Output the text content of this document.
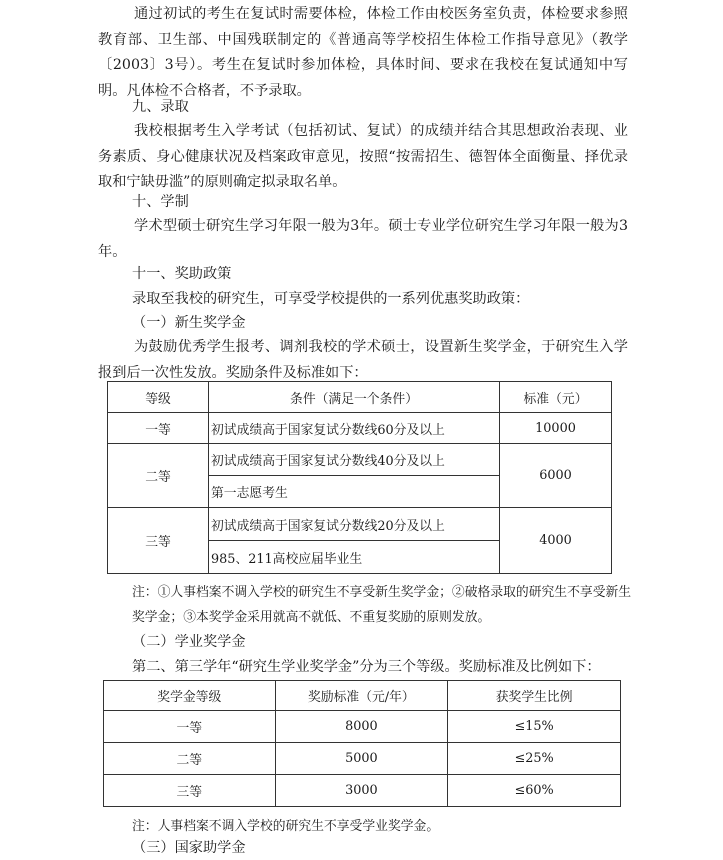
通过初试的考生在复试时需要体检，体检工作由校医务室负责，体检要求参照教育部、卫生部、中国残联制定的《普通高等学校招生体检工作指导意见》（教学〔2003〕3号）。考生在复试时参加体检，具体时间、要求在我校在复试通知中写明。凡体检不合格者，不予录取。

九、录取

我校根据考生入学考试（包括初试、复试）的成绩并结合其思想政治表现、业务素质、身心健康状况及档案政审意见，按照“按需招生、德智体全面衡量、择优录取和宁缺毋滥”的原则确定拟录取名单。

十、学制

学术型硕士研究生学习年限一般为3年。硕士专业学位研究生学习年限一般为3年。

十一、奖助政策

录取至我校的研究生，可享受学校提供的一系列优惠奖助政策：

（一）新生奖学金

为鼓励优秀学生报考、调剂我校的学术硕士，设置新生奖学金，于研究生入学报到后一次性发放。奖励条件及标准如下：

等级	条件（满足一个条件）	标准（元）
一等	初试成绩高于国家复试分数线60分及以上	10000
二等	初试成绩高于国家复试分数线40分及以上	6000
	第一志愿考生	
三等	初试成绩高于国家复试分数线20分及以上	4000
	985、211高校应届毕业生	

注：①人事档案不调入学校的研究生不享受新生奖学金；②破格录取的研究生不享受新生奖学金；③本奖学金采用就高不就低、不重复奖励的原则发放。

（二）学业奖学金

第二、第三学年“研究生学业奖学金”分为三个等级。奖励标准及比例如下：

奖学金等级	奖励标准（元/年）	获奖学生比例
一等	8000	≤15%
二等	5000	≤25%
三等	3000	≤60%

注：人事档案不调入学校的研究生不享受学业奖学金。

（三）国家助学金
